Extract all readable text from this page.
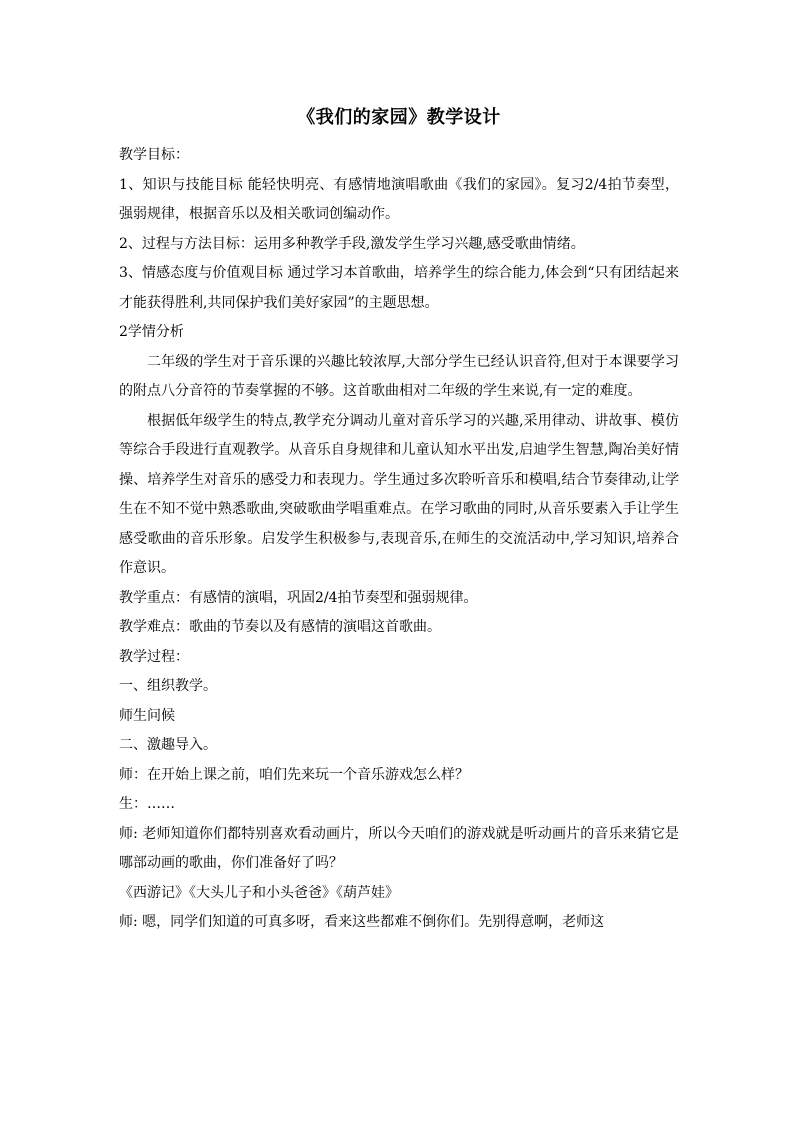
《我们的家园》教学设计

教学目标：

1、知识与技能目标 能轻快明亮、有感情地演唱歌曲《我们的家园》。复习2/4拍节奏型，强弱规律，根据音乐以及相关歌词创编动作。

2、过程与方法目标：运用多种教学手段,激发学生学习兴趣,感受歌曲情绪。

3、情感态度与价值观目标 通过学习本首歌曲，培养学生的综合能力,体会到“只有团结起来才能获得胜利,共同保护我们美好家园”的主题思想。

2学情分析

二年级的学生对于音乐课的兴趣比较浓厚,大部分学生已经认识音符,但对于本课要学习的附点八分音符的节奏掌握的不够。这首歌曲相对二年级的学生来说,有一定的难度。

根据低年级学生的特点,教学充分调动儿童对音乐学习的兴趣,采用律动、讲故事、模仿等综合手段进行直观教学。从音乐自身规律和儿童认知水平出发,启迪学生智慧,陶冶美好情操、培养学生对音乐的感受力和表现力。学生通过多次聆听音乐和模唱,结合节奏律动,让学生在不知不觉中熟悉歌曲,突破歌曲学唱重难点。在学习歌曲的同时,从音乐要素入手让学生感受歌曲的音乐形象。启发学生积极参与,表现音乐,在师生的交流活动中,学习知识,培养合作意识。

教学重点：有感情的演唱，巩固2/4拍节奏型和强弱规律。

教学难点：歌曲的节奏以及有感情的演唱这首歌曲。

教学过程：

一、组织教学。

师生问候

二、激趣导入。

师：在开始上课之前，咱们先来玩一个音乐游戏怎么样？

生：……

师: 老师知道你们都特别喜欢看动画片，所以今天咱们的游戏就是听动画片的音乐来猜它是哪部动画的歌曲，你们准备好了吗？

《西游记》《大头儿子和小头爸爸》《葫芦娃》

师: 嗯，同学们知道的可真多呀，看来这些都难不倒你们。先别得意啊，老师这
